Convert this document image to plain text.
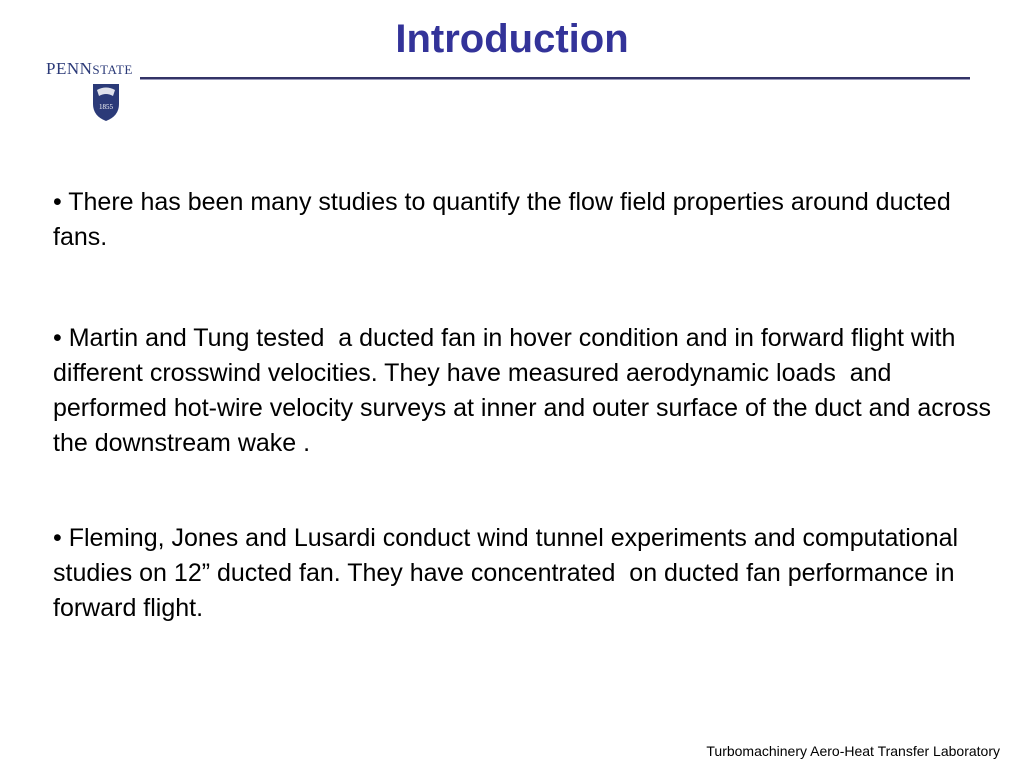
PENNSTATE
1855
Introduction

• There has been many studies to quantify the flow field properties around ducted  fans.

• Martin and Tung tested  a ducted fan in hover condition and in forward flight with different crosswind velocities. They have measured aerodynamic loads  and performed hot-wire velocity surveys at inner and outer surface of the duct and across the downstream wake .

• Fleming, Jones and Lusardi conduct wind tunnel experiments and computational studies on 12” ducted fan. They have concentrated  on ducted fan performance in forward flight.

Turbomachinery Aero-Heat Transfer Laboratory
